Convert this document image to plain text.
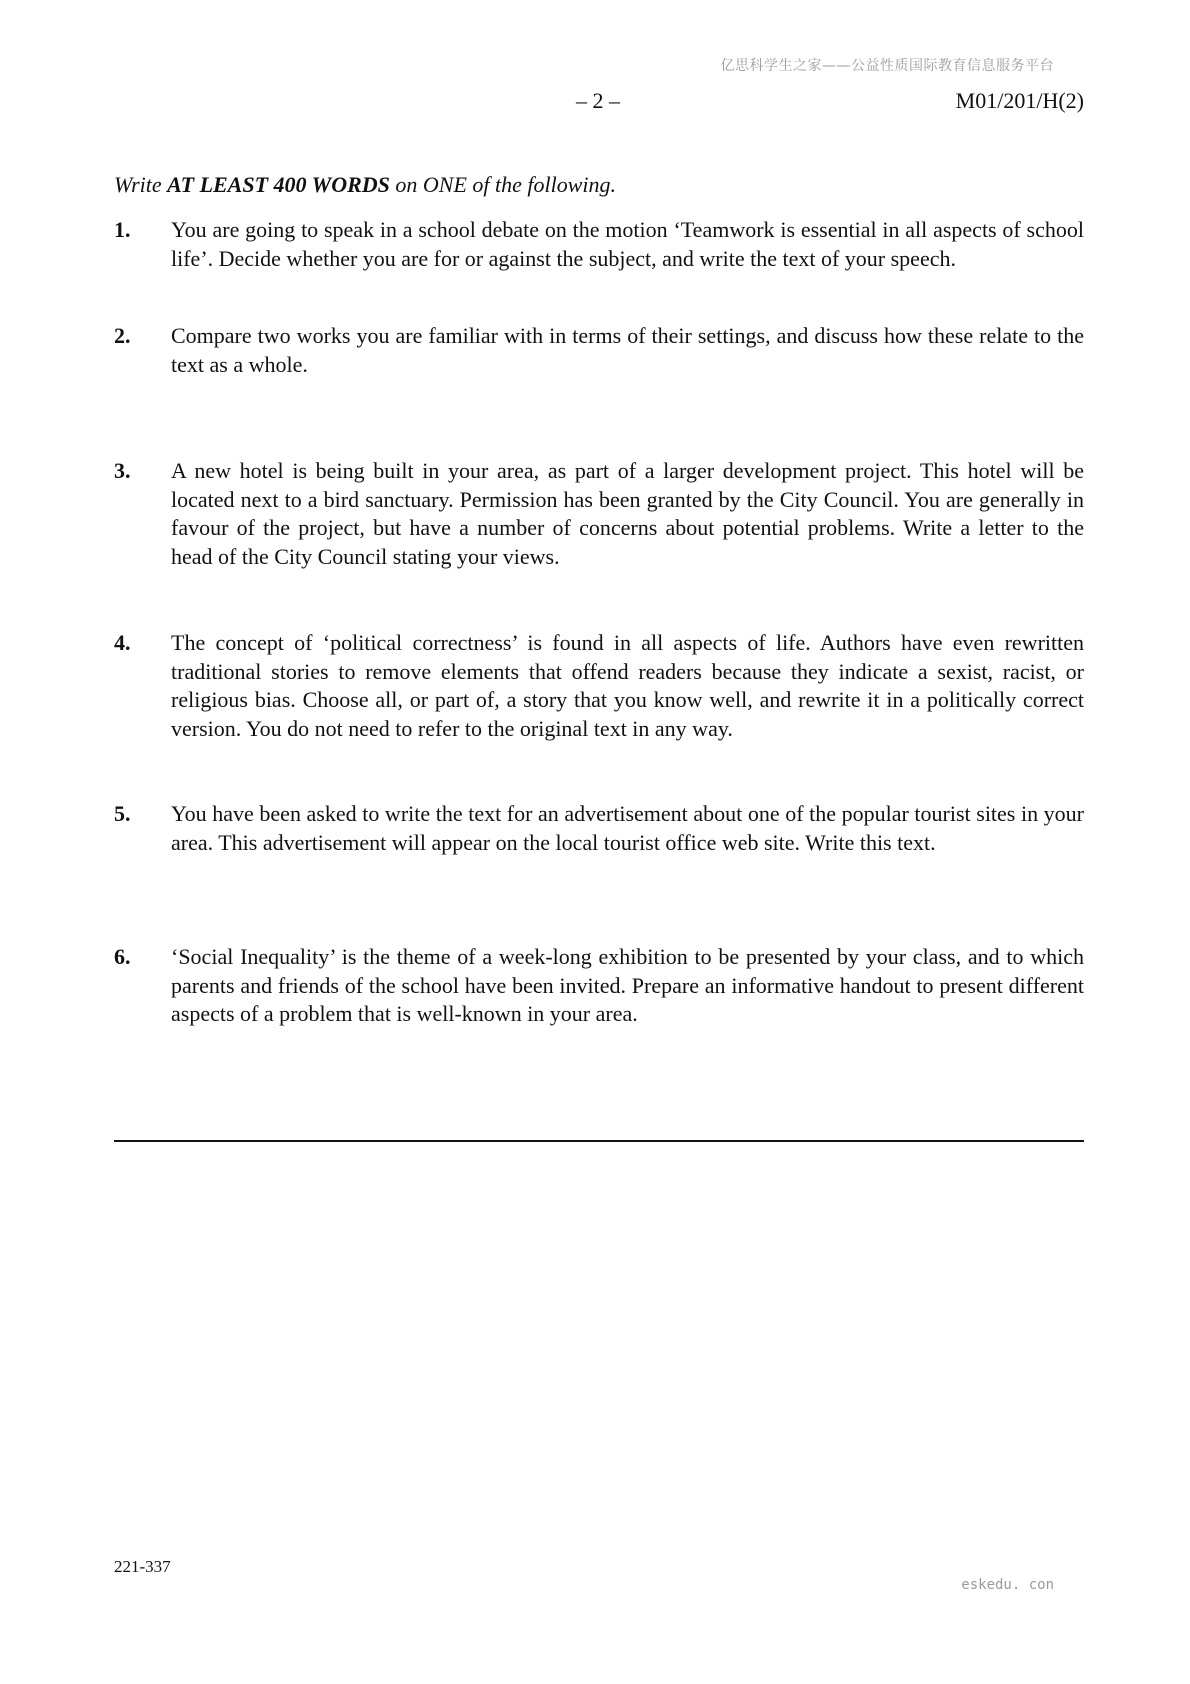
亿思科学生之家——公益性质国际教育信息服务平台
– 2 –	M01/201/H(2)
Write AT LEAST 400 WORDS on ONE of the following.
1. You are going to speak in a school debate on the motion ‘Teamwork is essential in all aspects of school life’. Decide whether you are for or against the subject, and write the text of your speech.
2. Compare two works you are familiar with in terms of their settings, and discuss how these relate to the text as a whole.
3. A new hotel is being built in your area, as part of a larger development project. This hotel will be located next to a bird sanctuary. Permission has been granted by the City Council. You are generally in favour of the project, but have a number of concerns about potential problems. Write a letter to the head of the City Council stating your views.
4. The concept of ‘political correctness’ is found in all aspects of life. Authors have even rewritten traditional stories to remove elements that offend readers because they indicate a sexist, racist, or religious bias. Choose all, or part of, a story that you know well, and rewrite it in a politically correct version. You do not need to refer to the original text in any way.
5. You have been asked to write the text for an advertisement about one of the popular tourist sites in your area. This advertisement will appear on the local tourist office web site. Write this text.
6. ‘Social Inequality’ is the theme of a week-long exhibition to be presented by your class, and to which parents and friends of the school have been invited. Prepare an informative handout to present different aspects of a problem that is well-known in your area.
221-337
eskedu. con
